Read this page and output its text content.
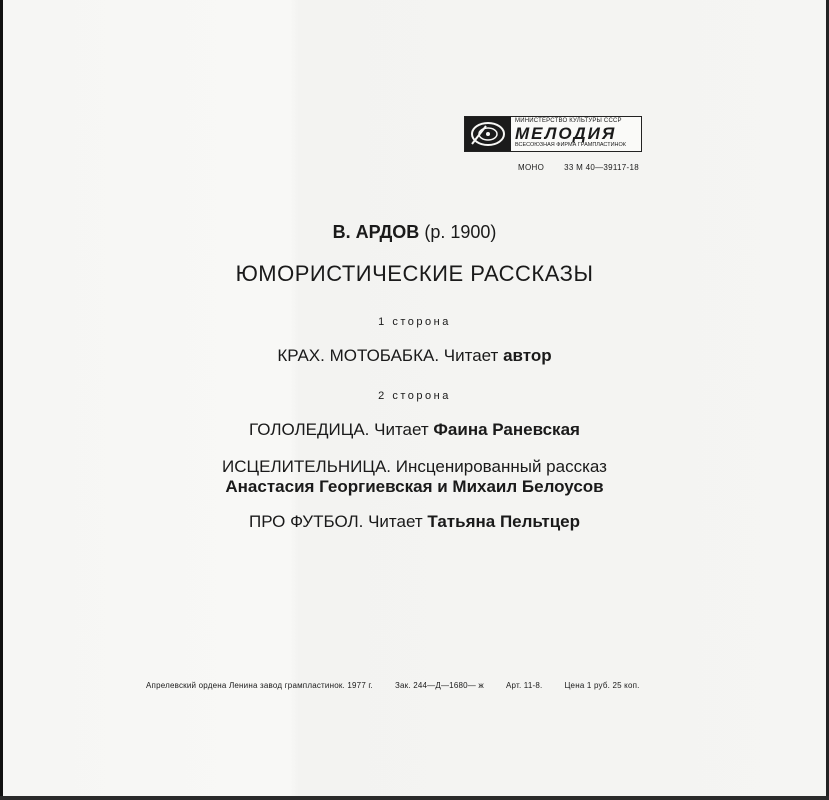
МИНИСТЕРСТВО КУЛЬТУРЫ СССР
МЕЛОДИЯ
ВСЕСОЮЗНАЯ ФИРМА ГРАМПЛАСТИНОК
МОНО	33 М 40—39117-18
В. АРДОВ (р. 1900)
ЮМОРИСТИЧЕСКИЕ РАССКАЗЫ
1 сторона
КРАХ. МОТОБАБКА. Читает автор
2 сторона
ГОЛОЛЕДИЦА. Читает Фаина Раневская
ИСЦЕЛИТЕЛЬНИЦА. Инсценированный рассказ
Анастасия Георгиевская и Михаил Белоусов
ПРО ФУТБОЛ. Читает Татьяна Пельтцер
Апрелевский ордена Ленина завод грампластинок. 1977 г.	Зак. 244—Д—1680— ж	Арт. 11-8.	Цена 1 руб. 25 коп.
